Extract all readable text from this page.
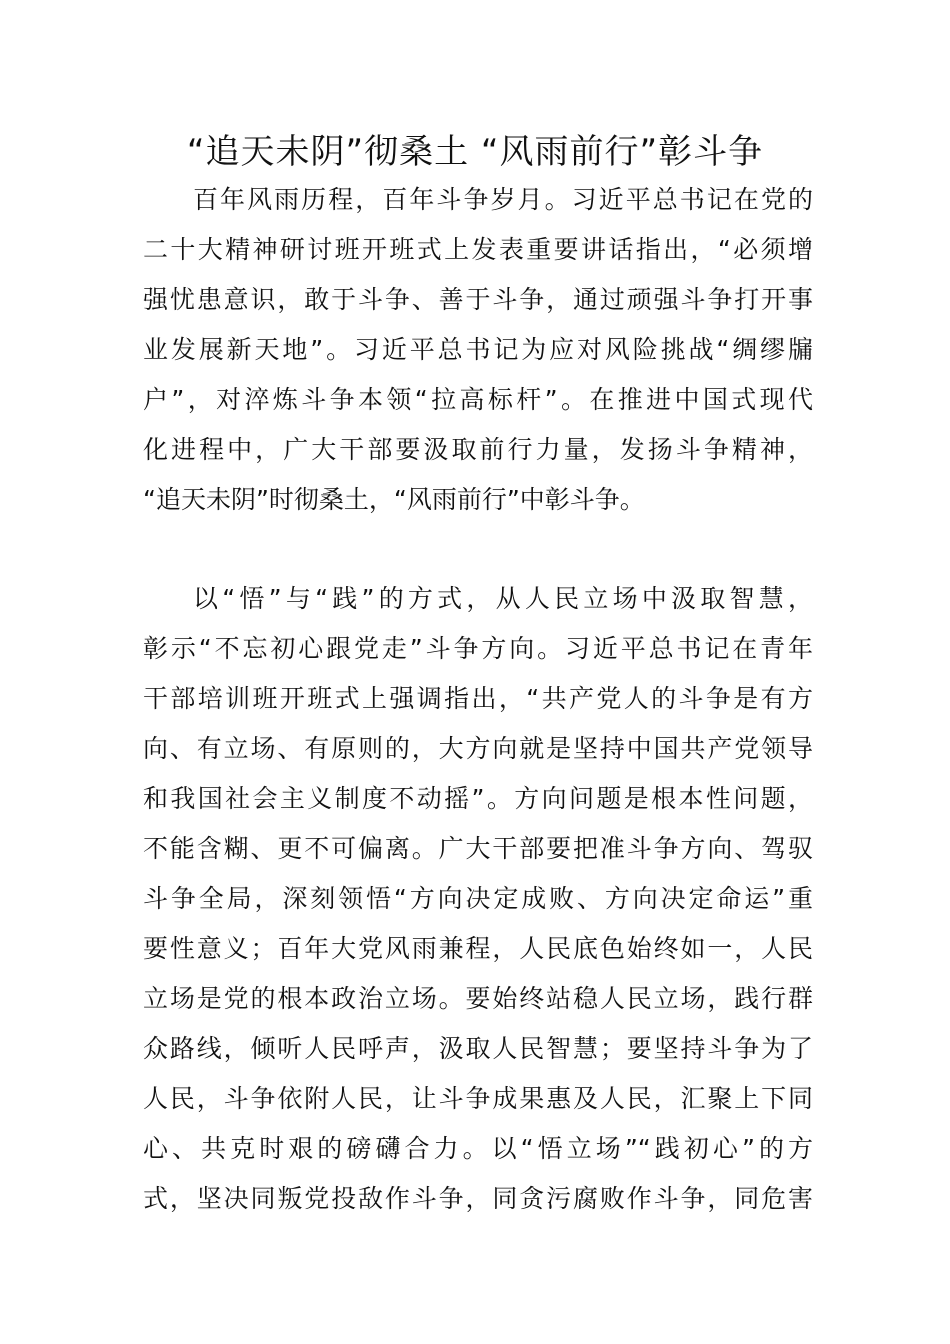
“追天未阴”彻桑土 “风雨前行”彰斗争
百年风雨历程，百年斗争岁月。习近平总书记在党的
二十大精神研讨班开班式上发表重要讲话指出，“必须增
强忧患意识，敢于斗争、善于斗争，通过顽强斗争打开事
业发展新天地”。习近平总书记为应对风险挑战“绸缪牖
户”，对淬炼斗争本领“拉高标杆”。在推进中国式现代
化进程中，广大干部要汲取前行力量，发扬斗争精神，
“追天未阴”时彻桑土，“风雨前行”中彰斗争。
以“悟”与“践”的方式，从人民立场中汲取智慧，
彰示“不忘初心跟党走”斗争方向。习近平总书记在青年
干部培训班开班式上强调指出，“共产党人的斗争是有方
向、有立场、有原则的，大方向就是坚持中国共产党领导
和我国社会主义制度不动摇”。方向问题是根本性问题，
不能含糊、更不可偏离。广大干部要把准斗争方向、驾驭
斗争全局，深刻领悟“方向决定成败、方向决定命运”重
要性意义；百年大党风雨兼程，人民底色始终如一，人民
立场是党的根本政治立场。要始终站稳人民立场，践行群
众路线，倾听人民呼声，汲取人民智慧；要坚持斗争为了
人民，斗争依附人民，让斗争成果惠及人民，汇聚上下同
心、共克时艰的磅礴合力。以“悟立场”“践初心”的方
式，坚决同叛党投敌作斗争，同贪污腐败作斗争，同危害
